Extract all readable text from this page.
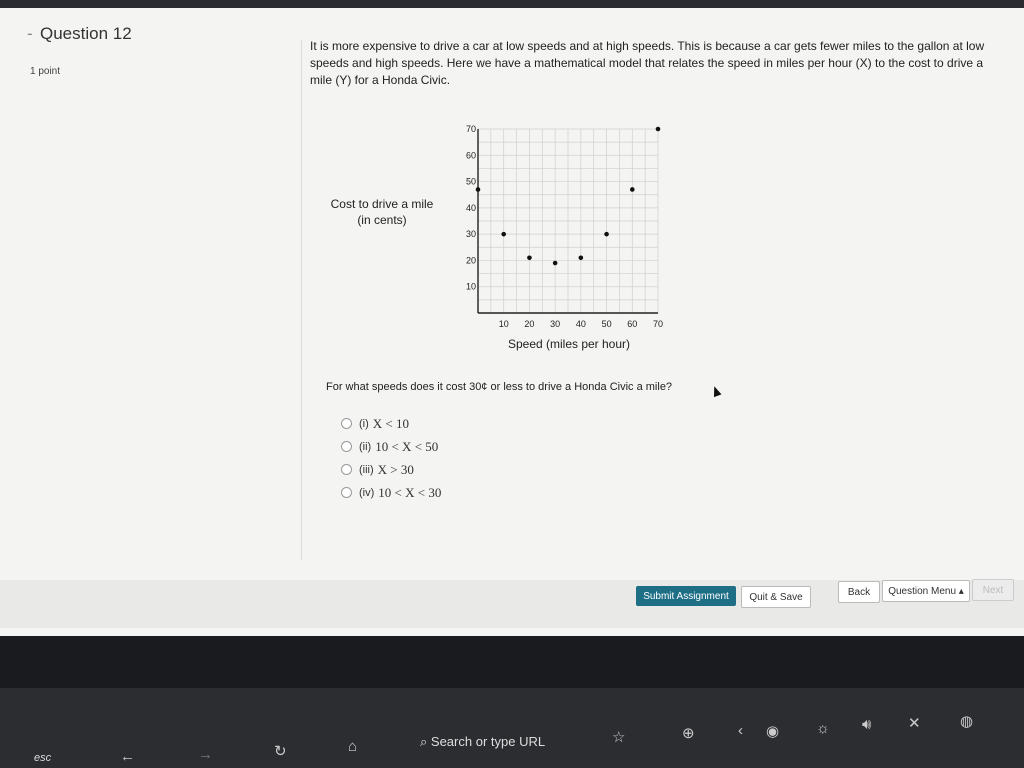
- Question 12
1 point
It is more expensive to drive a car at low speeds and at high speeds. This is because a car gets fewer miles to the gallon at low speeds and high speeds. Here we have a mathematical model that relates the speed in miles per hour (X) to the cost to drive a mile (Y) for a Honda Civic.
10 20 30 40 50 60 70
10
20
30
40
50
60
70
Cost to drive a mile
(in cents)
Speed (miles per hour)
For what speeds does it cost 30¢ or less to drive a Honda Civic a mile?
(i) X < 10
(ii) 10 < X < 50
(iii) X > 30
(iv) 10 < X < 30
Submit Assignment	Quit & Save	Back	Question Menu ▴	Next
esc	←	→	↻	⌂	⌕ Search or type URL	☆	⊕	‹ ◉ ☼ 🔊︎ ✕	◍
